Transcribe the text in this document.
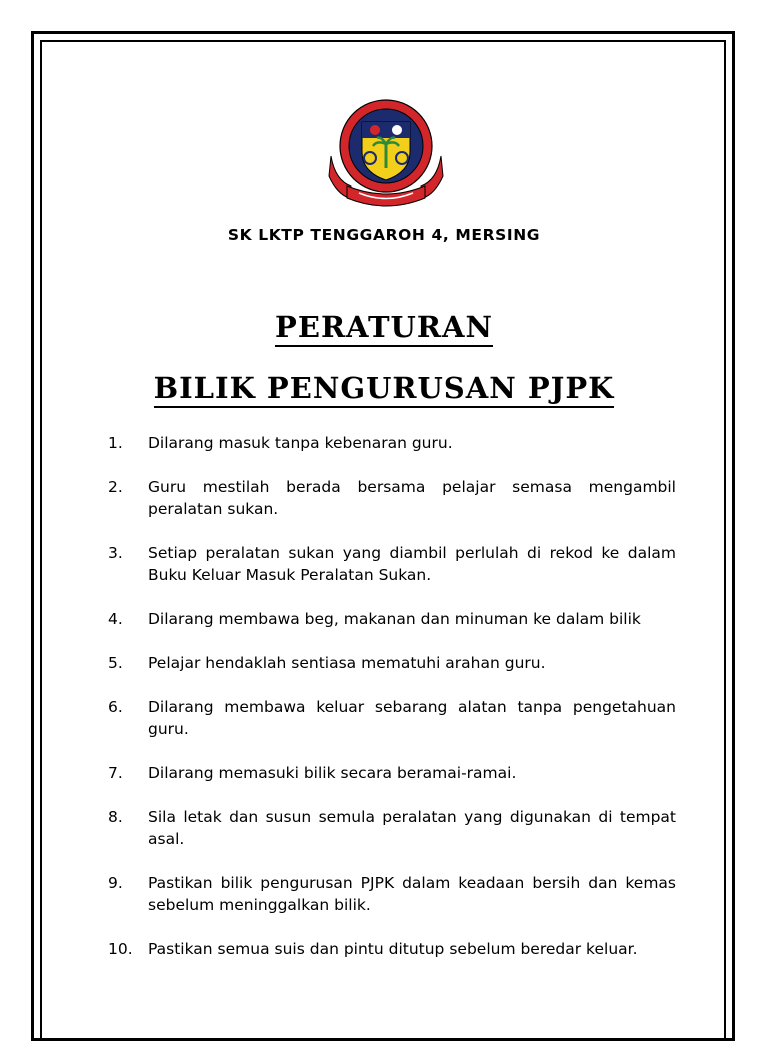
SK LKTP TENGGAROH 4, MERSING
PERATURAN
BILIK PENGURUSAN PJPK
1.	Dilarang masuk tanpa kebenaran guru.
2.	Guru mestilah berada bersama pelajar semasa mengambil peralatan sukan.
3.	Setiap peralatan sukan yang diambil perlulah di rekod ke dalam Buku Keluar Masuk Peralatan Sukan.
4.	Dilarang membawa beg, makanan dan minuman ke dalam bilik
5.	Pelajar hendaklah sentiasa mematuhi arahan guru.
6.	Dilarang membawa keluar sebarang alatan tanpa pengetahuan guru.
7.	Dilarang memasuki bilik secara beramai-ramai.
8.	Sila letak dan susun semula peralatan yang digunakan di tempat asal.
9.	Pastikan bilik pengurusan PJPK dalam keadaan bersih dan kemas sebelum meninggalkan bilik.
10. Pastikan semua suis dan pintu ditutup sebelum beredar keluar.
